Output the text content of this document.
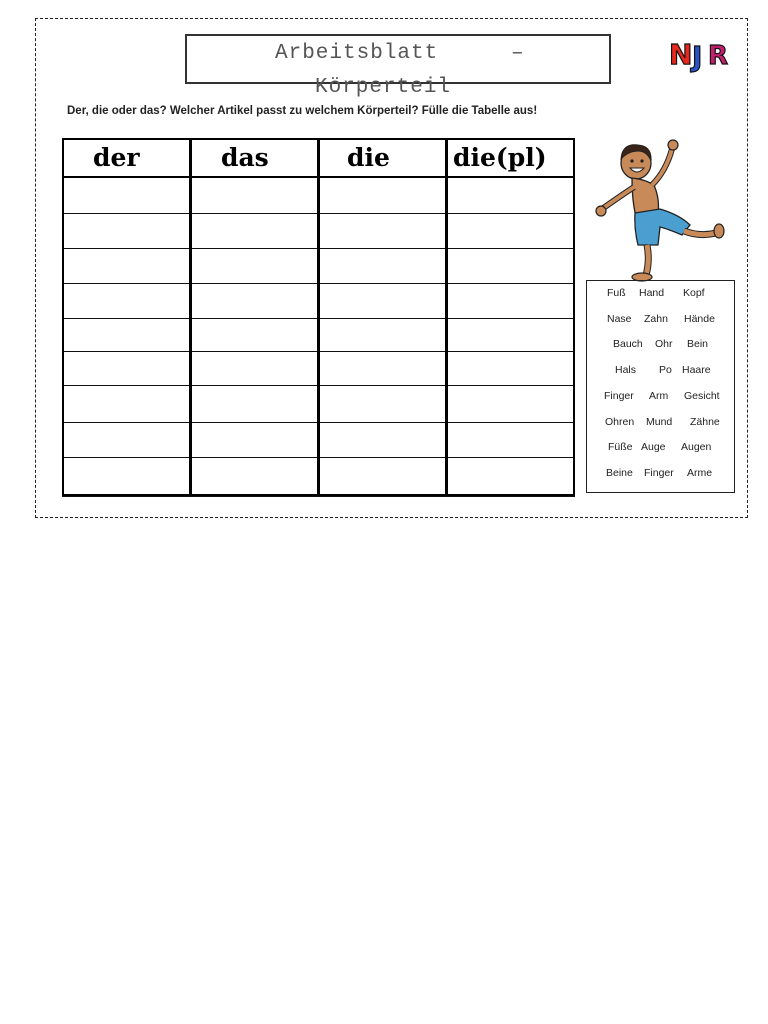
Arbeitsblatt	–
Körperteil
N J R
Der, die oder das? Welcher Artikel passt zu welchem Körperteil? Fülle die Tabelle aus!
der	das	die	die(pl)

Fuß Hand Kopf
Nase Zahn Hände
Bauch Ohr Bein
Hals Po Haare
Finger Arm Gesicht
Ohren Mund Zähne
Füße Auge Augen
Beine Finger Arme
